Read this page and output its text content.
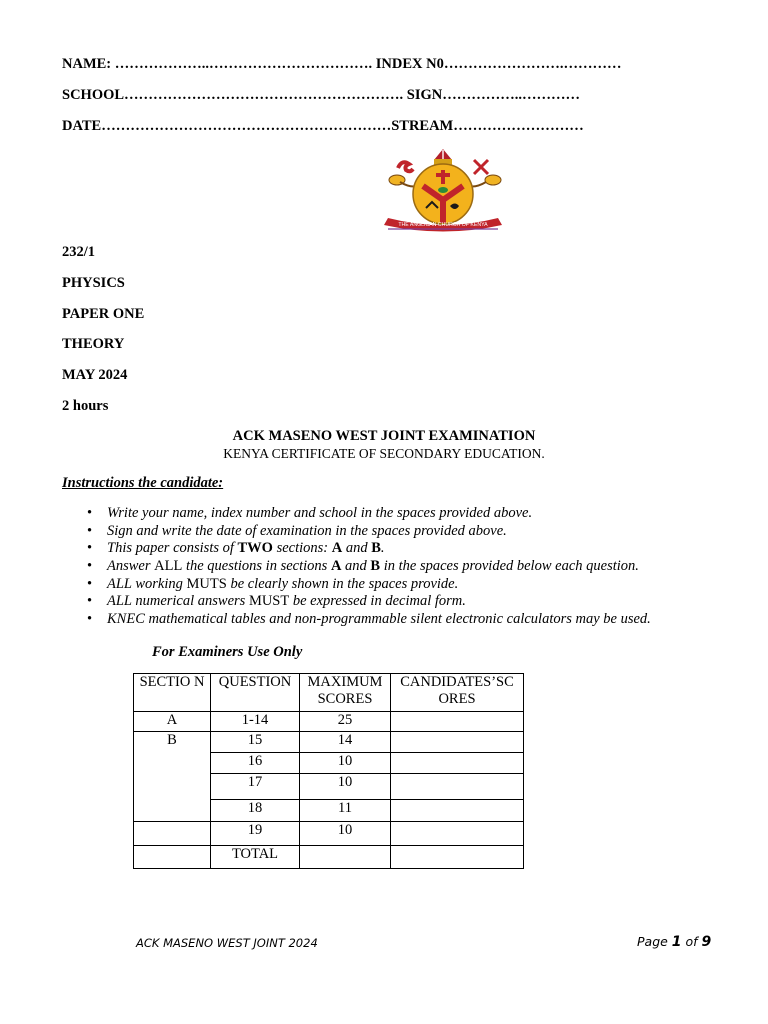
NAME: ………………..……………………………. INDEX N0…………………….…………
SCHOOL…………………………………………………. SIGN……………..…………
DATE……………………………………………………STREAM………………………
THE ANGLICAN CHURCH OF KENYA
232/1
PHYSICS
PAPER ONE
THEORY
MAY 2024
2 hours
ACK MASENO WEST JOINT EXAMINATION
KENYA CERTIFICATE OF SECONDARY EDUCATION.
Instructions the candidate:
• Write your name, index number and school in the spaces provided above.
• Sign and write the date of examination in the spaces provided above.
• This paper consists of TWO sections: A and B.
• Answer ALL the questions in sections A and B in the spaces provided below each question.
• ALL working MUTS be clearly shown in the spaces provide.
• ALL numerical answers MUST be expressed in decimal form.
• KNEC mathematical tables and non-programmable silent electronic calculators may be used.
For Examiners Use Only
SECTIO N	QUESTION	MAXIMUM SCORES	CANDIDATES’SC ORES
A	1-14	25	
B	15	14	
	16	10	
	17	10	
	18	11	
	19	10	
	TOTAL		
ACK MASENO WEST JOINT 2024	Page 1 of 9
